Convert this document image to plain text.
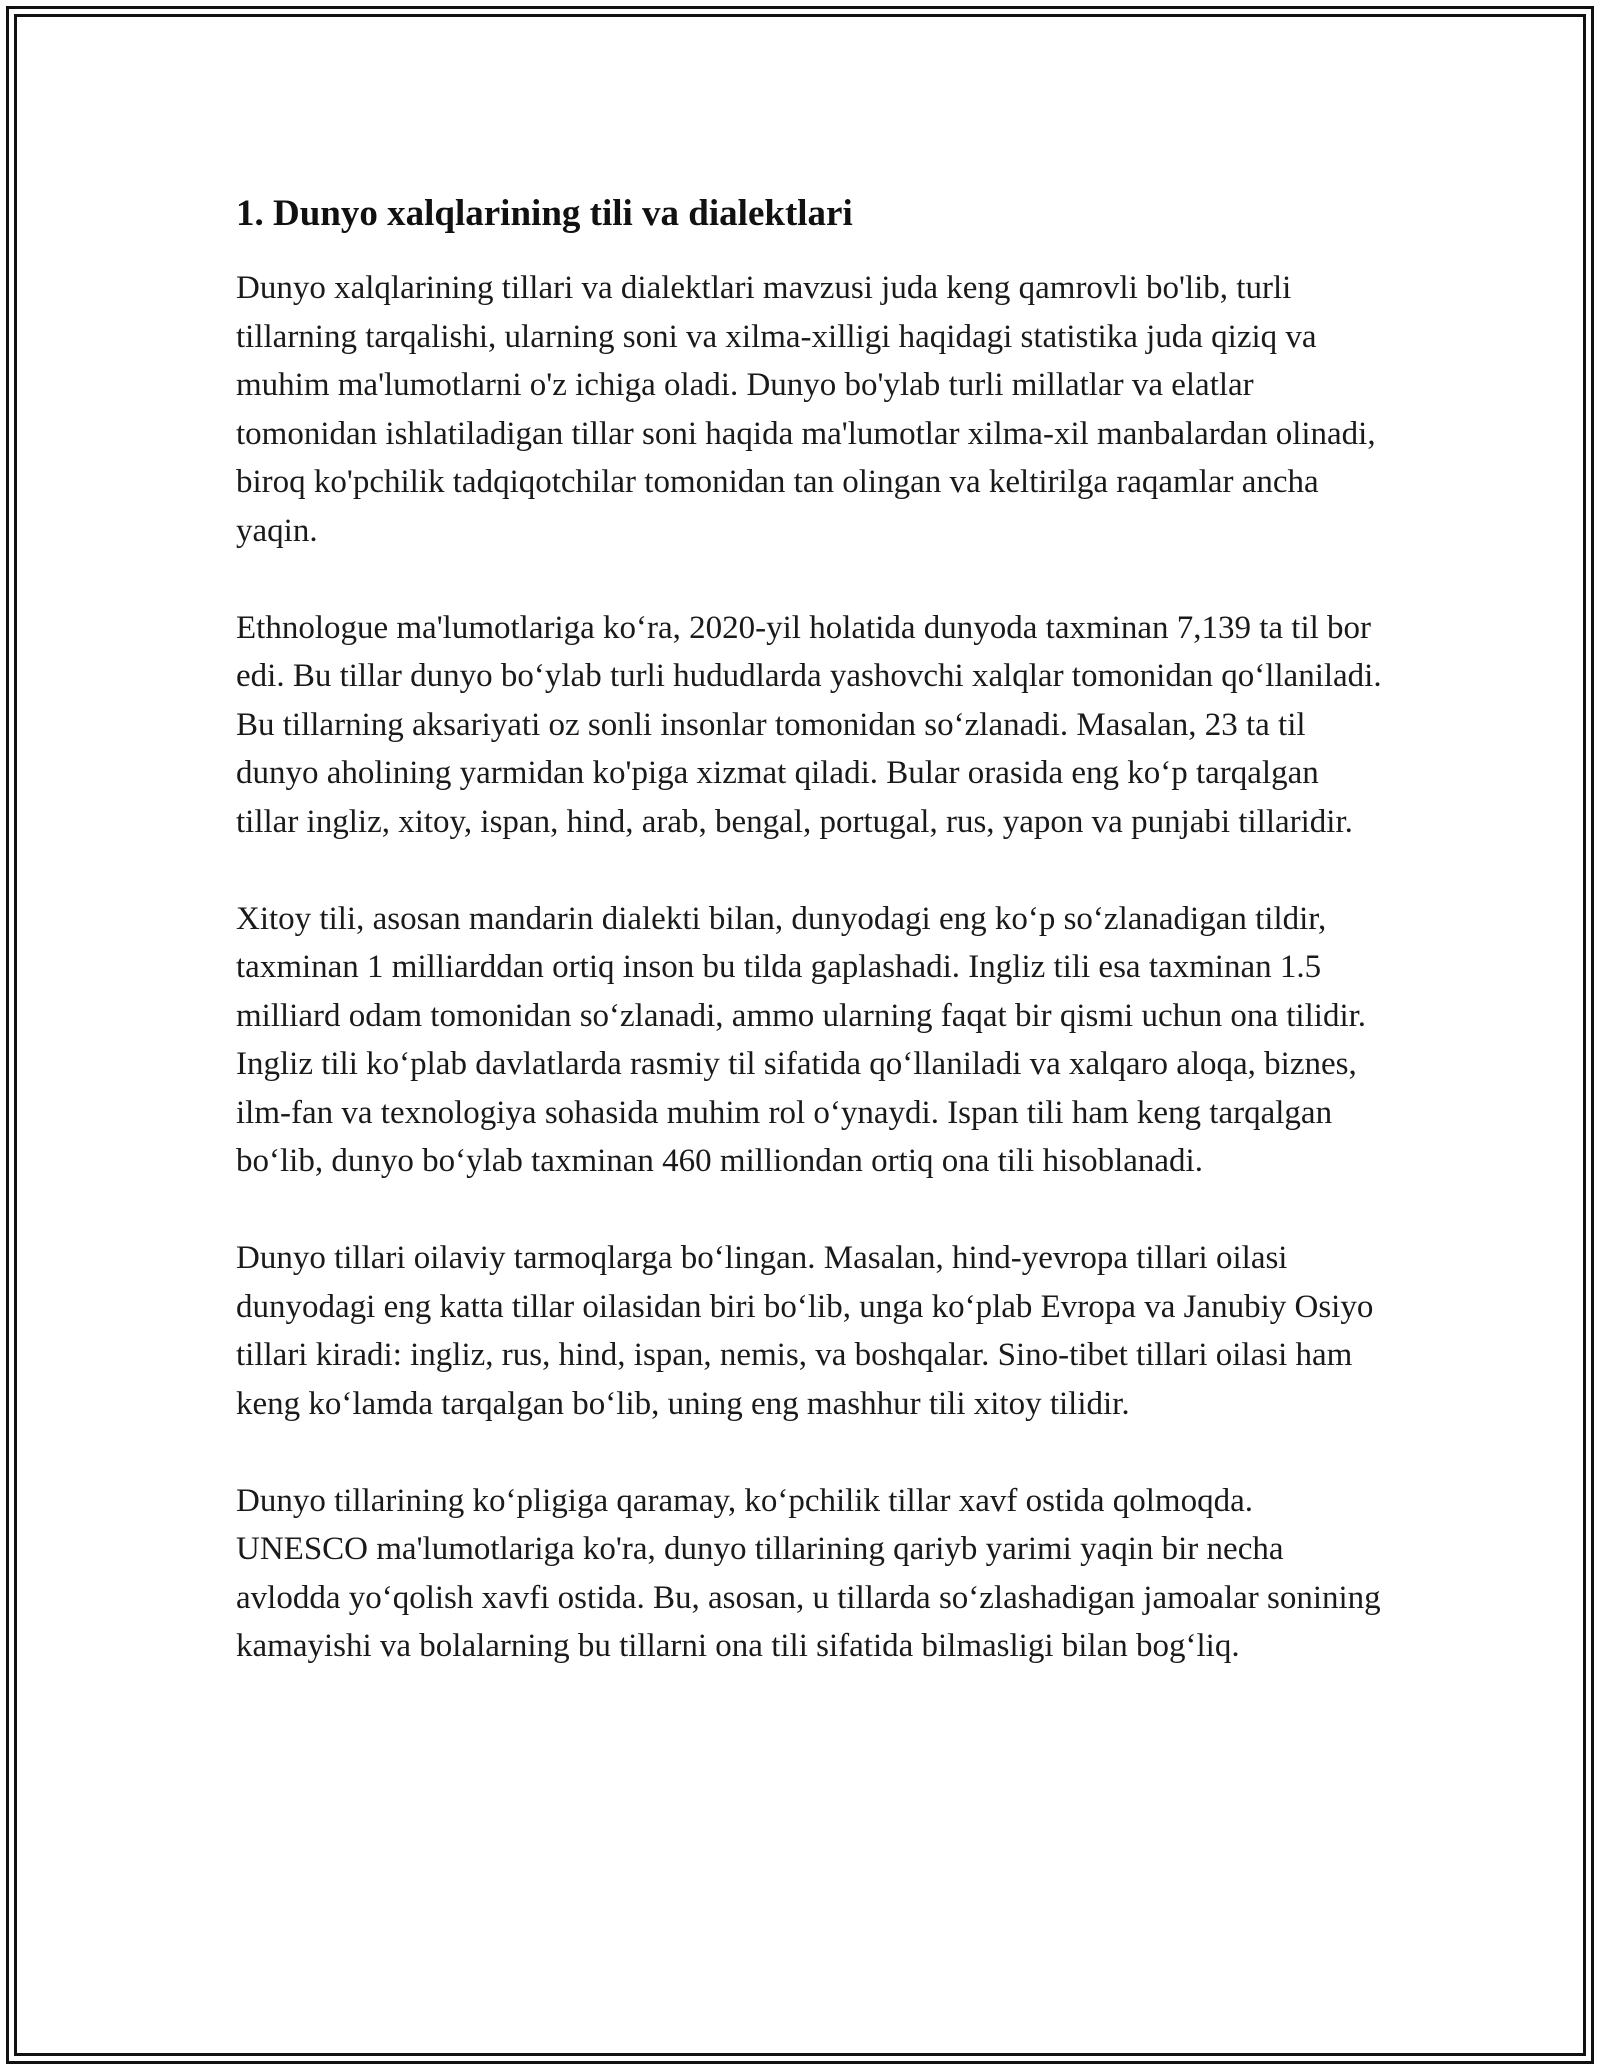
1. Dunyo xalqlarining tili va dialektlari

Dunyo xalqlarining tillari va dialektlari mavzusi juda keng qamrovli bo'lib, turli tillarning tarqalishi, ularning soni va xilma-xilligi haqidagi statistika juda qiziq va muhim ma'lumotlarni o'z ichiga oladi. Dunyo bo'ylab turli millatlar va elatlar tomonidan ishlatiladigan tillar soni haqida ma'lumotlar xilma-xil manbalardan olinadi, biroq ko'pchilik tadqiqotchilar tomonidan tan olingan va keltirilga raqamlar ancha yaqin.

Ethnologue ma'lumotlariga ko‘ra, 2020-yil holatida dunyoda taxminan 7,139 ta til bor edi. Bu tillar dunyo bo‘ylab turli hududlarda yashovchi xalqlar tomonidan qo‘llaniladi. Bu tillarning aksariyati oz sonli insonlar tomonidan so‘zlanadi. Masalan, 23 ta til dunyo aholining yarmidan ko'piga xizmat qiladi. Bular orasida eng ko‘p tarqalgan tillar ingliz, xitoy, ispan, hind, arab, bengal, portugal, rus, yapon va punjabi tillaridir.

Xitoy tili, asosan mandarin dialekti bilan, dunyodagi eng ko‘p so‘zlanadigan tildir, taxminan 1 milliarddan ortiq inson bu tilda gaplashadi. Ingliz tili esa taxminan 1.5 milliard odam tomonidan so‘zlanadi, ammo ularning faqat bir qismi uchun ona tilidir. Ingliz tili ko‘plab davlatlarda rasmiy til sifatida qo‘llaniladi va xalqaro aloqa, biznes, ilm-fan va texnologiya sohasida muhim rol o‘ynaydi. Ispan tili ham keng tarqalgan bo‘lib, dunyo bo‘ylab taxminan 460 milliondan ortiq ona tili hisoblanadi.

Dunyo tillari oilaviy tarmoqlarga bo‘lingan. Masalan, hind-yevropa tillari oilasi dunyodagi eng katta tillar oilasidan biri bo‘lib, unga ko‘plab Evropa va Janubiy Osiyo tillari kiradi: ingliz, rus, hind, ispan, nemis, va boshqalar. Sino-tibet tillari oilasi ham keng ko‘lamda tarqalgan bo‘lib, uning eng mashhur tili xitoy tilidir.

Dunyo tillarining ko‘pligiga qaramay, ko‘pchilik tillar xavf ostida qolmoqda. UNESCO ma'lumotlariga ko'ra, dunyo tillarining qariyb yarimi yaqin bir necha avlodda yo‘qolish xavfi ostida. Bu, asosan, u tillarda so‘zlashadigan jamoalar sonining kamayishi va bolalarning bu tillarni ona tili sifatida bilmasligi bilan bog‘liq.
